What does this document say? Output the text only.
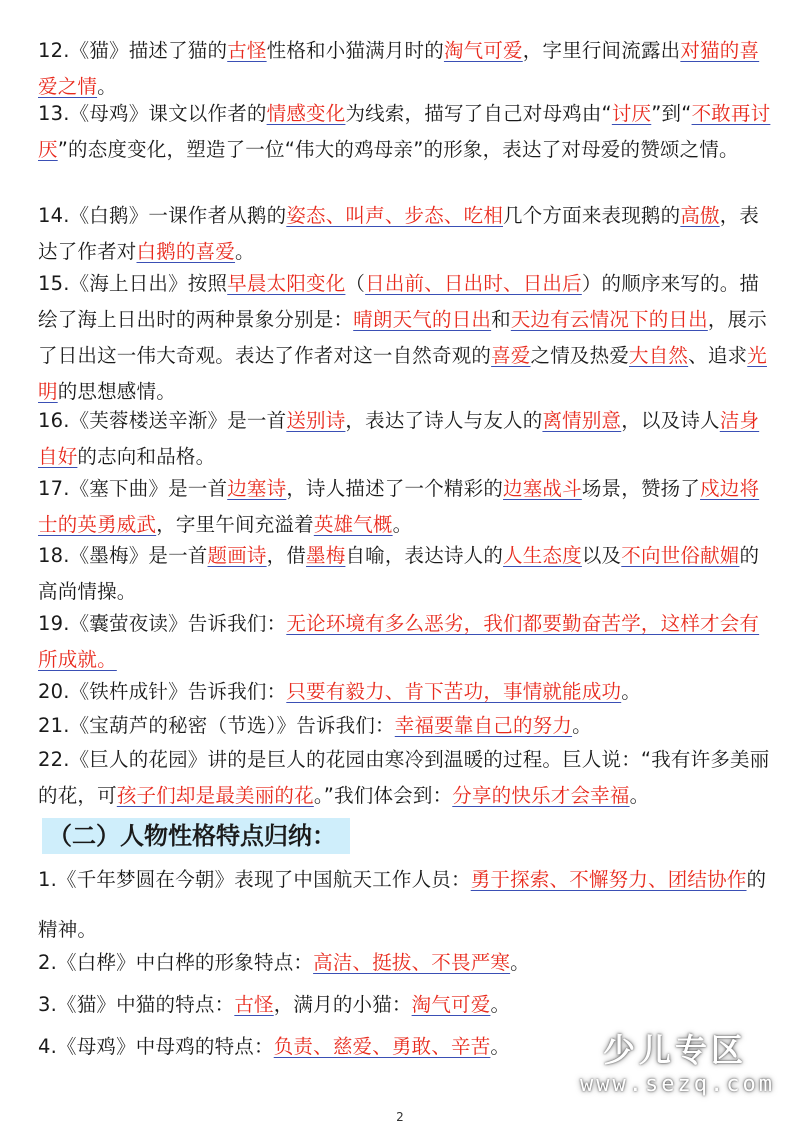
12.《猫》描述了猫的古怪性格和小猫满月时的淘气可爱，字里行间流露出对猫的喜爱之情。

13.《母鸡》课文以作者的情感变化为线索，描写了自己对母鸡由“讨厌”到“不敢再讨厌”的态度变化，塑造了一位“伟大的鸡母亲”的形象，表达了对母爱的赞颂之情。

14.《白鹅》一课作者从鹅的姿态、叫声、步态、吃相几个方面来表现鹅的高傲，表达了作者对白鹅的喜爱。

15.《海上日出》按照早晨太阳变化（日出前、日出时、日出后）的顺序来写的。描绘了海上日出时的两种景象分别是：晴朗天气的日出和天边有云情况下的日出，展示了日出这一伟大奇观。表达了作者对这一自然奇观的喜爱之情及热爱大自然、追求光明的思想感情。

16.《芙蓉楼送辛渐》是一首送别诗，表达了诗人与友人的离情别意，以及诗人洁身自好的志向和品格。

17.《塞下曲》是一首边塞诗，诗人描述了一个精彩的边塞战斗场景，赞扬了戍边将士的英勇威武，字里午间充溢着英雄气概。

18.《墨梅》是一首题画诗，借墨梅自喻，表达诗人的人生态度以及不向世俗献媚的高尚情操。

19.《囊萤夜读》告诉我们：无论环境有多么恶劣，我们都要勤奋苦学，这样才会有所成就。

20.《铁杵成针》告诉我们：只要有毅力、肯下苦功，事情就能成功。

21.《宝葫芦的秘密（节选）》告诉我们：幸福要靠自己的努力。

22.《巨人的花园》讲的是巨人的花园由寒冷到温暖的过程。巨人说：“我有许多美丽的花，可孩子们却是最美丽的花。”我们体会到：分享的快乐才会幸福。

1.《千年梦圆在今朝》表现了中国航天工作人员：勇于探索、不懈努力、团结协作的精神。

2.《白桦》中白桦的形象特点：高洁、挺拔、不畏严寒。

3.《猫》中猫的特点：古怪，满月的小猫：淘气可爱。

4.《母鸡》中母鸡的特点：负责、慈爱、勇敢、辛苦。

（二）人物性格特点归纳：
少儿专区
www.sezq.com
2
